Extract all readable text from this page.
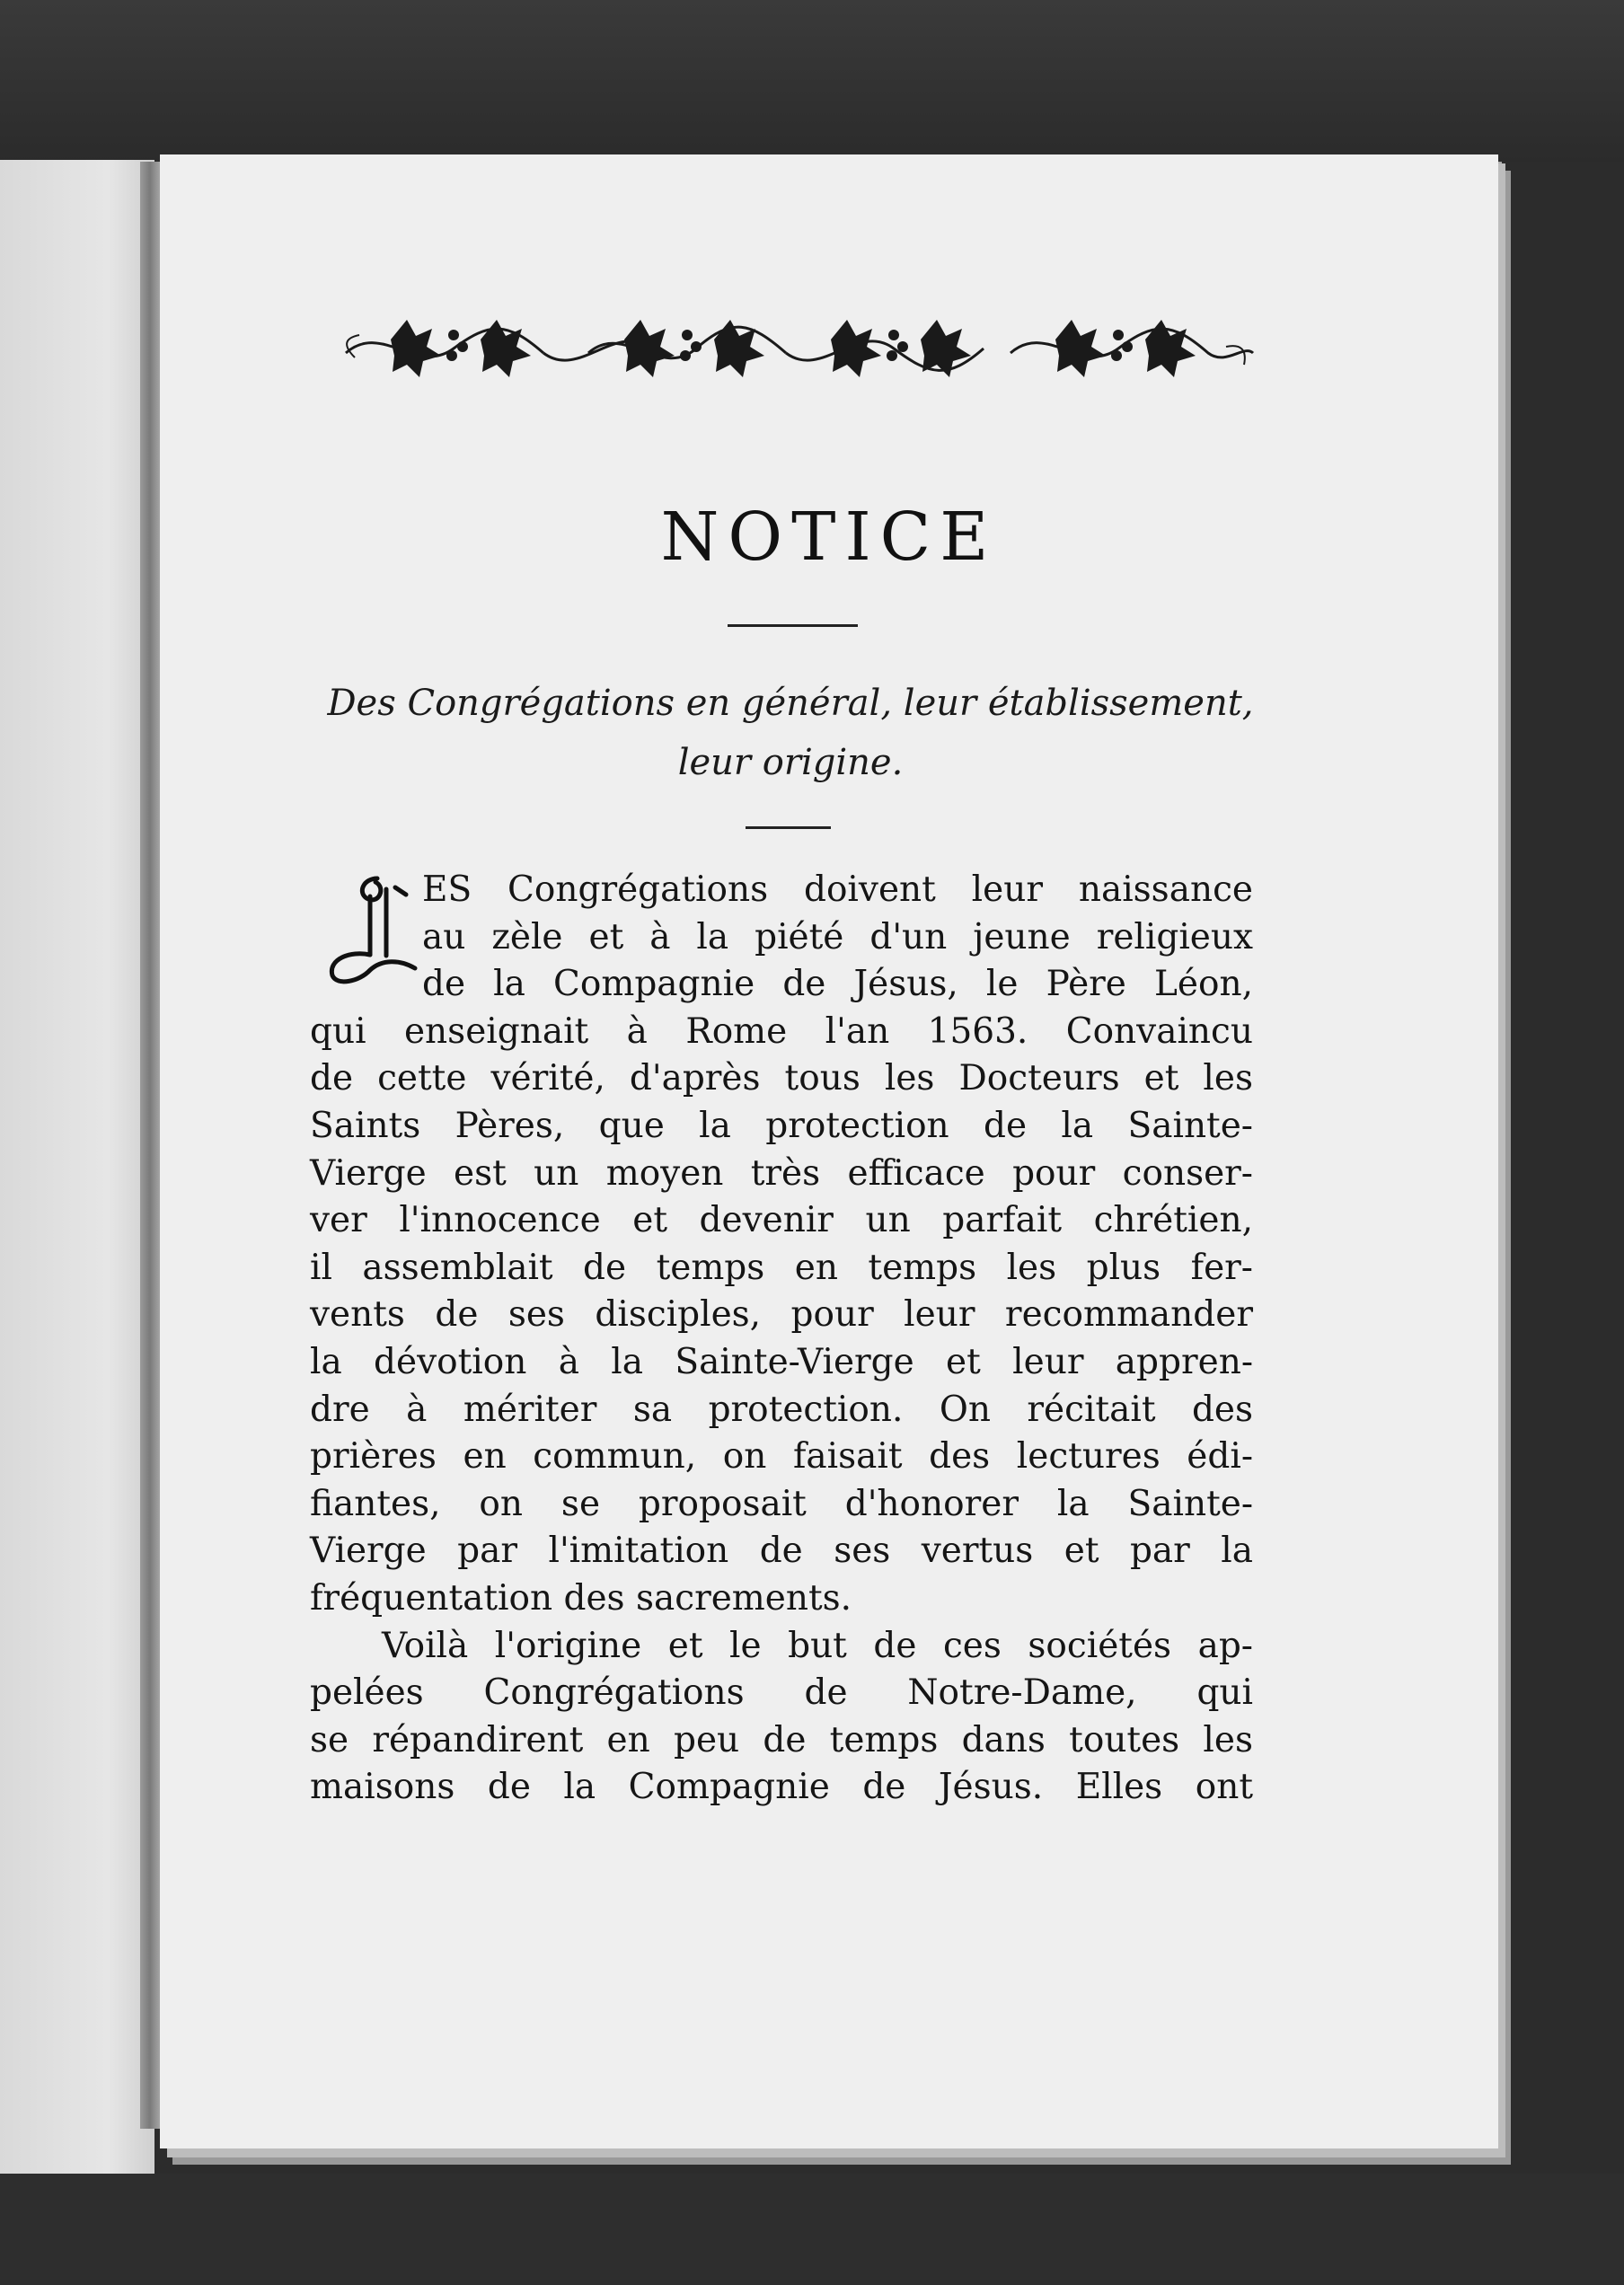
NOTICE
Des Congrégations en général, leur établissement,
leur origine.
L
ES Congrégations doivent leur naissance
au zèle et à la piété d'un jeune religieux
de la Compagnie de Jésus, le Père Léon,
qui enseignait à Rome l'an 1563. Convaincu
de cette vérité, d'après tous les Docteurs et les
Saints Pères, que la protection de la Sainte-
Vierge est un moyen très efficace pour conser-
ver l'innocence et devenir un parfait chrétien,
il assemblait de temps en temps les plus fer-
vents de ses disciples, pour leur recommander
la dévotion à la Sainte-Vierge et leur appren-
dre à mériter sa protection. On récitait des
prières en commun, on faisait des lectures édi-
fiantes, on se proposait d'honorer la Sainte-
Vierge par l'imitation de ses vertus et par la
fréquentation des sacrements.
Voilà l'origine et le but de ces sociétés ap-
pelées Congrégations de Notre-Dame, qui
se répandirent en peu de temps dans toutes les
maisons de la Compagnie de Jésus. Elles ont
